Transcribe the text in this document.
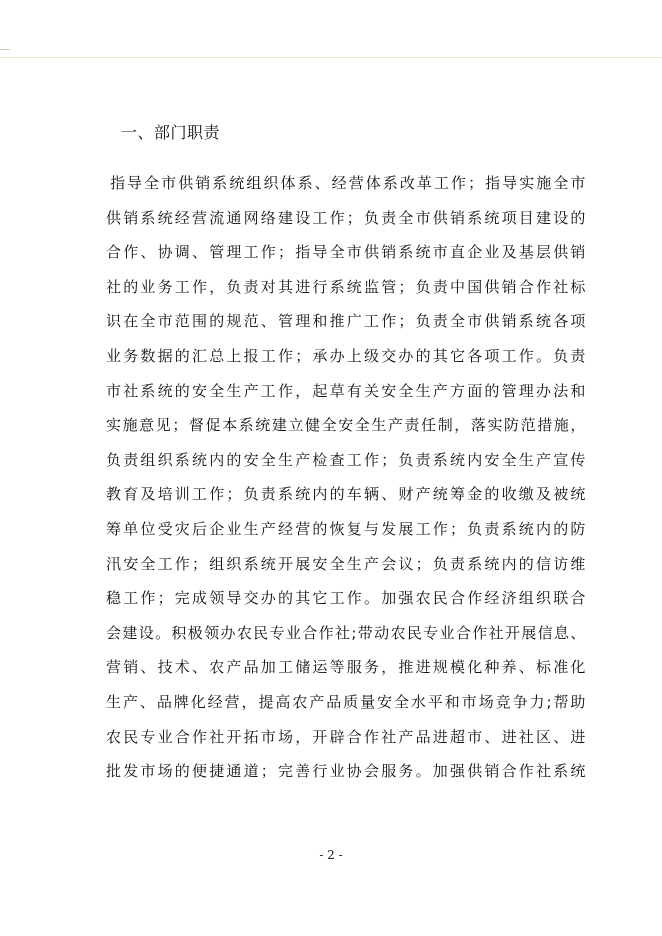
一、部门职责
指导全市供销系统组织体系、经营体系改革工作；指导实施全市
供销系统经营流通网络建设工作；负责全市供销系统项目建设的
合作、协调、管理工作；指导全市供销系统市直企业及基层供销
社的业务工作，负责对其进行系统监管；负责中国供销合作社标
识在全市范围的规范、管理和推广工作；负责全市供销系统各项
业务数据的汇总上报工作；承办上级交办的其它各项工作。负责
市社系统的安全生产工作，起草有关安全生产方面的管理办法和
实施意见；督促本系统建立健全安全生产责任制，落实防范措施，
负责组织系统内的安全生产检查工作；负责系统内安全生产宣传
教育及培训工作；负责系统内的车辆、财产统筹金的收缴及被统
筹单位受灾后企业生产经营的恢复与发展工作；负责系统内的防
汛安全工作；组织系统开展安全生产会议；负责系统内的信访维
稳工作；完成领导交办的其它工作。加强农民合作经济组织联合
会建设。积极领办农民专业合作社;带动农民专业合作社开展信息、
营销、技术、农产品加工储运等服务，推进规模化种养、标准化
生产、品牌化经营，提高农产品质量安全水平和市场竞争力;帮助
农民专业合作社开拓市场，开辟合作社产品进超市、进社区、进
批发市场的便捷通道；完善行业协会服务。加强供销合作社系统
- 2 -
